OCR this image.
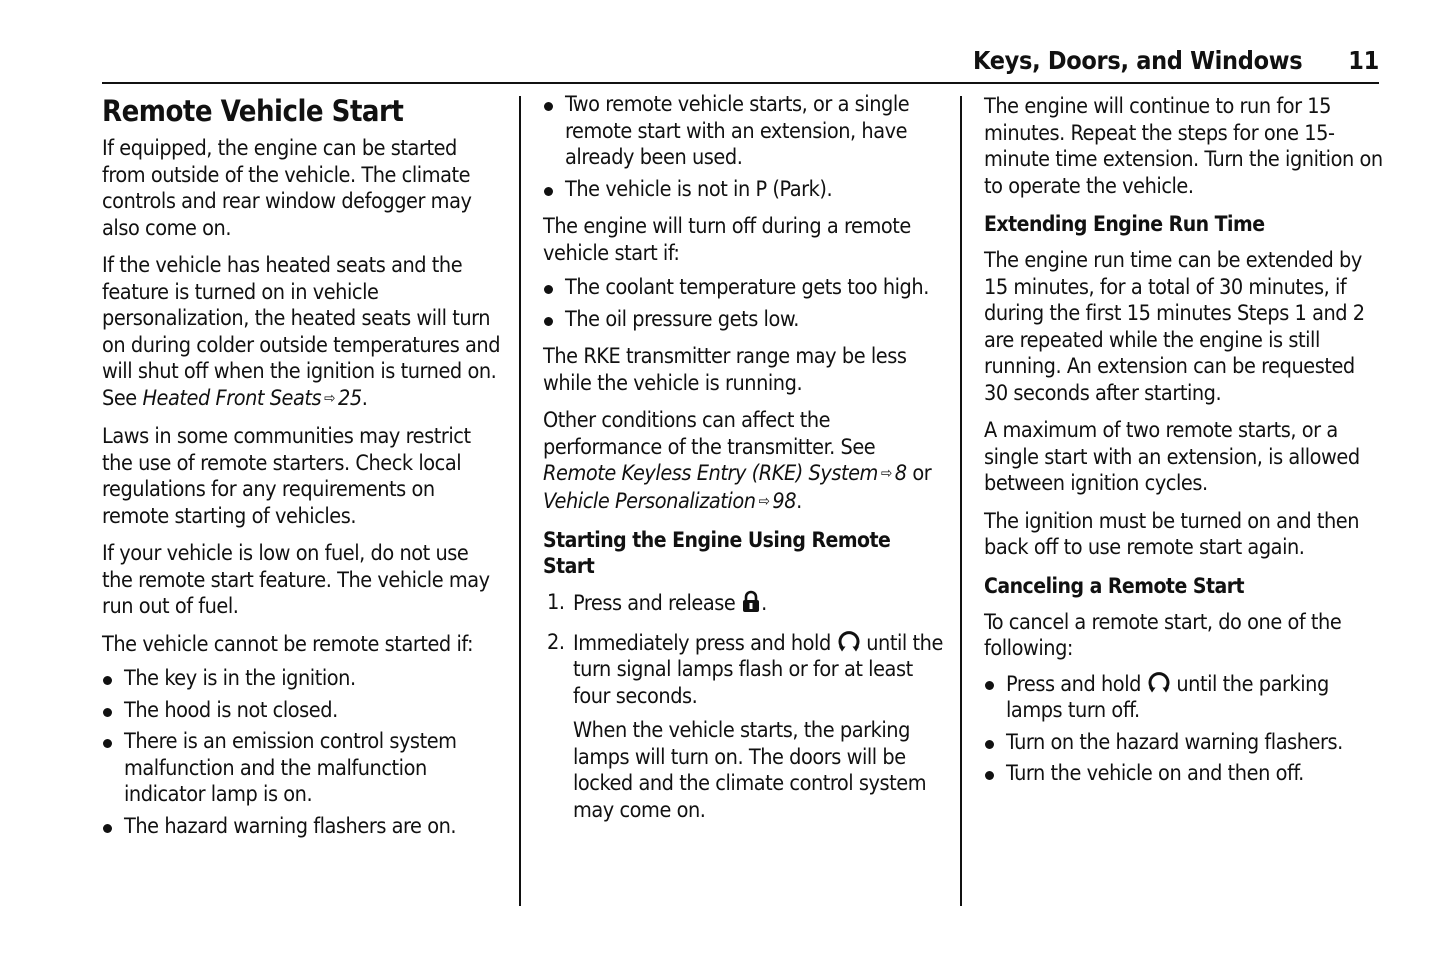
Keys, Doors, and Windows 11
Remote Vehicle Start

If equipped, the engine can be started from outside of the vehicle. The climate controls and rear window defogger may also come on.

If the vehicle has heated seats and the feature is turned on in vehicle personalization, the heated seats will turn on during colder outside temperatures and will shut off when the ignition is turned on. See Heated Front Seats ⇨ 25.

Laws in some communities may restrict the use of remote starters. Check local regulations for any requirements on remote starting of vehicles.

If your vehicle is low on fuel, do not use the remote start feature. The vehicle may run out of fuel.

The vehicle cannot be remote started if:

The key is in the ignition.
The hood is not closed.
There is an emission control system malfunction and the malfunction indicator lamp is on.
The hazard warning flashers are on.
Two remote vehicle starts, or a single remote start with an extension, have already been used.
The vehicle is not in P (Park).

The engine will turn off during a remote vehicle start if:

The coolant temperature gets too high.
The oil pressure gets low.

The RKE transmitter range may be less while the vehicle is running.

Other conditions can affect the performance of the transmitter. See Remote Keyless Entry (RKE) System ⇨ 8 or
Vehicle Personalization ⇨ 98.

Starting the Engine Using Remote Start
1. Press and release .
2. Immediately press and hold until the turn signal lamps flash or for at least four seconds.
When the vehicle starts, the parking lamps will turn on. The doors will be locked and the climate control system may come on.

The engine will continue to run for 15 minutes. Repeat the steps for one 15-minute time extension. Turn the ignition on to operate the vehicle.

Extending Engine Run Time

The engine run time can be extended by 15 minutes, for a total of 30 minutes, if during the first 15 minutes Steps 1 and 2 are repeated while the engine is still running. An extension can be requested 30 seconds after starting.

A maximum of two remote starts, or a single start with an extension, is allowed between ignition cycles.

The ignition must be turned on and then back off to use remote start again.

Canceling a Remote Start

To cancel a remote start, do one of the following:

Press and hold until the parking lamps turn off.
Turn on the hazard warning flashers.
Turn the vehicle on and then off.
